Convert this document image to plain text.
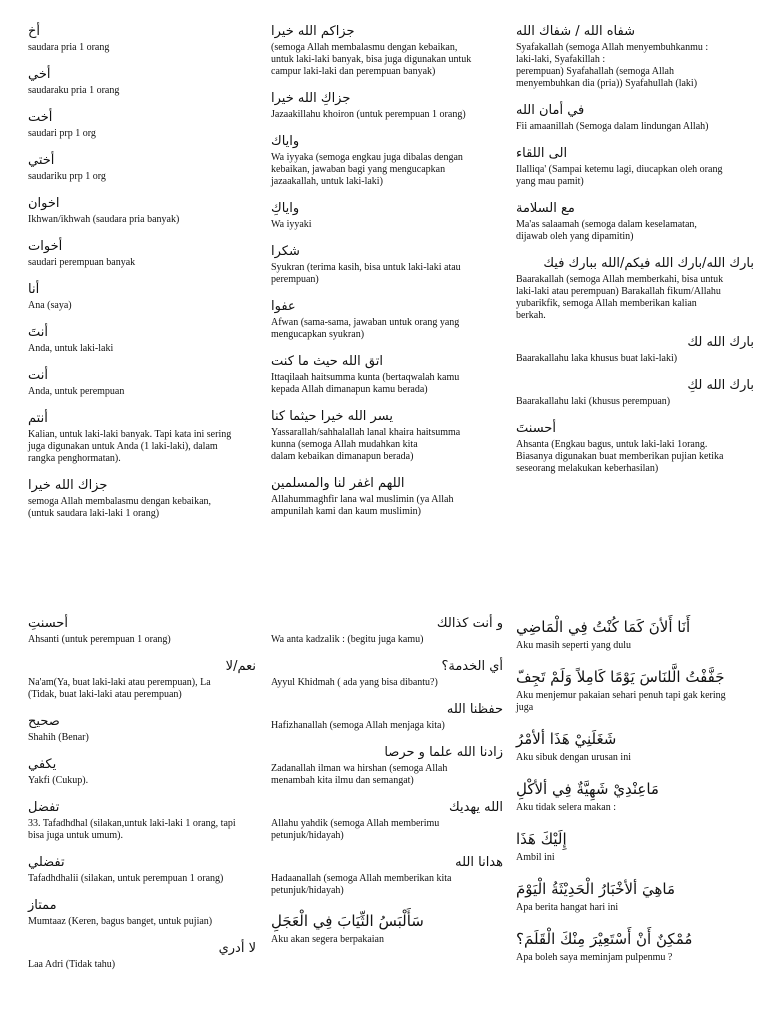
أخ
saudara pria 1 orang
أخي
saudaraku pria 1 orang
أخت
saudari prp 1 org
أختي
saudariku prp 1 org
اخوان
Ikhwan/ikhwah (saudara pria banyak)
أخوات
saudari perempuan banyak
أنا
Ana (saya)
أنتَ
Anda, untuk laki-laki
أنت
Anda, untuk perempuan
أنتم
Kalian, untuk laki-laki banyak. Tapi kata ini sering
juga digunakan untuk Anda (1 laki-laki), dalam
rangka penghormatan).
جزاك الله خيرا
semoga Allah membalasmu dengan kebaikan,
(untuk saudara laki-laki 1 orang)
جزاكم الله خيرا
(semoga Allah membalasmu dengan kebaikan,
untuk laki-laki banyak, bisa juga digunakan untuk
campur laki-laki dan perempuan banyak)
جزاكِ الله خيرا
Jazaakillahu khoiron (untuk perempuan 1 orang)
واياك
Wa iyyaka (semoga engkau juga dibalas dengan
kebaikan, jawaban bagi yang mengucapkan
jazaakallah, untuk laki-laki)
واياكِ
Wa iyyaki
شكرا
Syukran (terima kasih, bisa untuk laki-laki atau
perempuan)
عفوا
Afwan (sama-sama, jawaban untuk orang yang
mengucapkan syukran)
اتق الله حيث ما كنت
Ittaqilaah haitsumma kunta (bertaqwalah kamu
kepada Allah dimanapun kamu berada)
يسر الله خيرا حيثما كنا
Yassarallah/sahhalallah lanal khaira haitsumma
kunna (semoga Allah mudahkan kita
dalam kebaikan dimanapun berada)
اللهم اغفر لنا والمسلمين
Allahummaghfir lana wal muslimin (ya Allah
ampunilah kami dan kaum muslimin)
شفاه الله / شفاك الله
Syafakallah (semoga Allah menyembuhkanmu :
laki-laki, Syafakillah :
perempuan) Syafahallah (semoga Allah
menyembuhkan dia (pria)) Syafahullah (laki)
في أمان الله
Fii amaanillah (Semoga dalam lindungan Allah)
الى اللقاء
Ilalliqa' (Sampai ketemu lagi, diucapkan oleh orang
yang mau pamit)
مع السلامة
Ma'as salaamah (semoga dalam keselamatan,
dijawab oleh yang dipamitin)
بارك الله/بارك الله فيكم/الله ببارك فيك
Baarakallah (semoga Allah memberkahi, bisa untuk
laki-laki atau perempuan) Barakallah fikum/Allahu
yubarikfik, semoga Allah memberikan kalian
berkah.
بارك الله لك
Baarakallahu laka khusus buat laki-laki)
بارك الله لكِ
Baarakallahu laki (khusus perempuan)
أحسنتَ
Ahsanta (Engkau bagus, untuk laki-laki 1orang.
Biasanya digunakan buat memberikan pujian ketika
seseorang melakukan keberhasilan)
أحسنتِ
Ahsanti (untuk perempuan 1 orang)
نعم/لا
Na'am(Ya, buat laki-laki atau perempuan), La
(Tidak, buat laki-laki atau perempuan)
صحيح
Shahih (Benar)
يكفي
Yakfi (Cukup).
تفضل
33. Tafadhdhal (silakan,untuk laki-laki 1 orang, tapi
bisa juga untuk umum).
تفضلي
Tafadhdhalii (silakan, untuk perempuan 1 orang)
ممتاز
Mumtaaz (Keren, bagus banget, untuk pujian)
لا أدري
Laa Adri (Tidak tahu)
و أنت كذالك
Wa anta kadzalik : (begitu juga kamu)
أي الخدمة؟
Ayyul Khidmah ( ada yang bisa dibantu?)
حفظنا الله
Hafizhanallah (semoga Allah menjaga kita)
زادنا الله علما و حرصا
Zadanallah ilman wa hirshan (semoga Allah
menambah kita ilmu dan semangat)
الله يهديك
Allahu yahdik (semoga Allah memberimu
petunjuk/hidayah)
هدانا الله
Hadaanallah (semoga Allah memberikan kita
petunjuk/hidayah)
سَأَلْبَسُ الثِّيَابَ فِي الْعَجَلِ
Aku akan segera berpakaian
أَنَا أَلأنَ كَمَا كُنْتُ فِي الْمَاضِي
Aku masih seperti yang dulu
جَفَّفْتُ الَّلنَاسَ يَوْمًا كَامِلاً وَلَمْ تَجِفّ
Aku menjemur pakaian sehari penuh tapi gak kering
juga
شَغَلَنِيْ هَذَا ألأمْرُ
Aku sibuk dengan urusan ini
مَاعِنْدِيْ شَهِيَّةٌ فِي ألأكْلِ
Aku tidak selera makan :
إِلَيْكَ هَذَا
Ambil ini
مَاهِيَ ألأخْبَارُ الْحَدِيْثَةُ الْيَوْمَ
Apa berita hangat hari ini
مُمْكِنٌ أَنْ أَسْتَعِيْرَ مِنْكَ الْقَلَمَ؟
Apa boleh saya meminjam pulpenmu ?
